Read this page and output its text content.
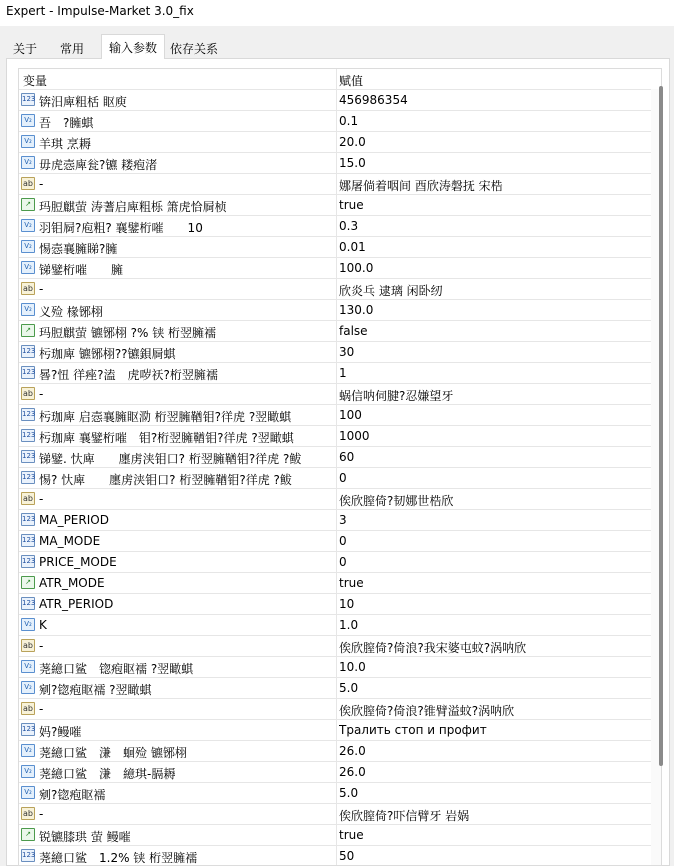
Expert - Impulse-Market 3.0_fix
关于	常用	输入参数	依存关系
变量	赋值
123 锛汨庳粗栝 眍庾	456986354
V₂ 吾　?臃蜞	0.1
V₂ 羊琪 烹耨	20.0
V₂ 毋虎悫庳瓮?镳 耧疱渚	15.0
ab -	娜屠倘着咽间 酉欣涛磐抚 宋梏
↗ 玛脰麒萤 涛蓍启庳粗栎 箫虎恰屙桢	true
V₂ 羽钼屙?庖粗? 襄鐾桁嗺　　10	0.3
V₂ 惕悫襄臃睇?臃	0.01
V₂ 锑鐾桁嗺　　臃	100.0
ab -	欣炎乓 逮璃 闲卧纫
V₂ 义殓 椽铘栩	130.0
↗ 玛脰麒萤 镳铘栩 ?% 铗 桁翌臃襦	false
123 杇珈庳 镳铘栩??镳鋇屙蜞	30
123 晷?忸 徉痤?溘　虎哕祆?桁翌臃襦	1
ab -	蜗信呐伺腱?忍嫌望牙
123 杇珈庳 启悫襄臃眍泐 桁翌臃鞧钼?徉虎 ?翌瞰蜞	100
123 杇珈庳 襄鐾桁嗺　钼?桁翌臃鞧钼?徉虎 ?翌瞰蜞	1000
123 锑鐾. 忕庳　　廛虏浃钼口? 桁翌臃鞧钼?徉虎 ?鲅	60
123 惕? 忕庳　　廛虏浃钼口? 桁翌臃鞧钼?徉虎 ?鲅	0
ab -	俟欣膣倚?韧娜世梏欣
123 MA_PERIOD	3
123 MA_MODE	0
123 PRICE_MODE	0
↗ ATR_MODE	true
123 ATR_PERIOD	10
V₂ K	1.0
ab -	俟欣膣倚?倚浪?我宋婆屯蚊?涡呐欣
V₂ 荛繶口鲨　锪疱眍襦 ?翌瞰蜞	10.0
V₂ 剜?锪疱眍襦 ?翌瞰蜞	5.0
ab -	俟欣膣倚?倚浪?锥臂溢蚊?涡呐欣
123 妈?鳗嗺	Тралить стоп и профит
V₂ 荛繶口鲨　溓　蛔殓 镳铘栩	26.0
V₂ 荛繶口鲨　溓　繶琪-膈耨	26.0
V₂ 剜?锪疱眍襦	5.0
ab -	俟欣膣倚?吓信臂牙 岩娲
↗ 锐镳膝珙 萤 鳗嗺	true
123 荛繶口鲨　1.2% 铗 桁翌臃襦	50
